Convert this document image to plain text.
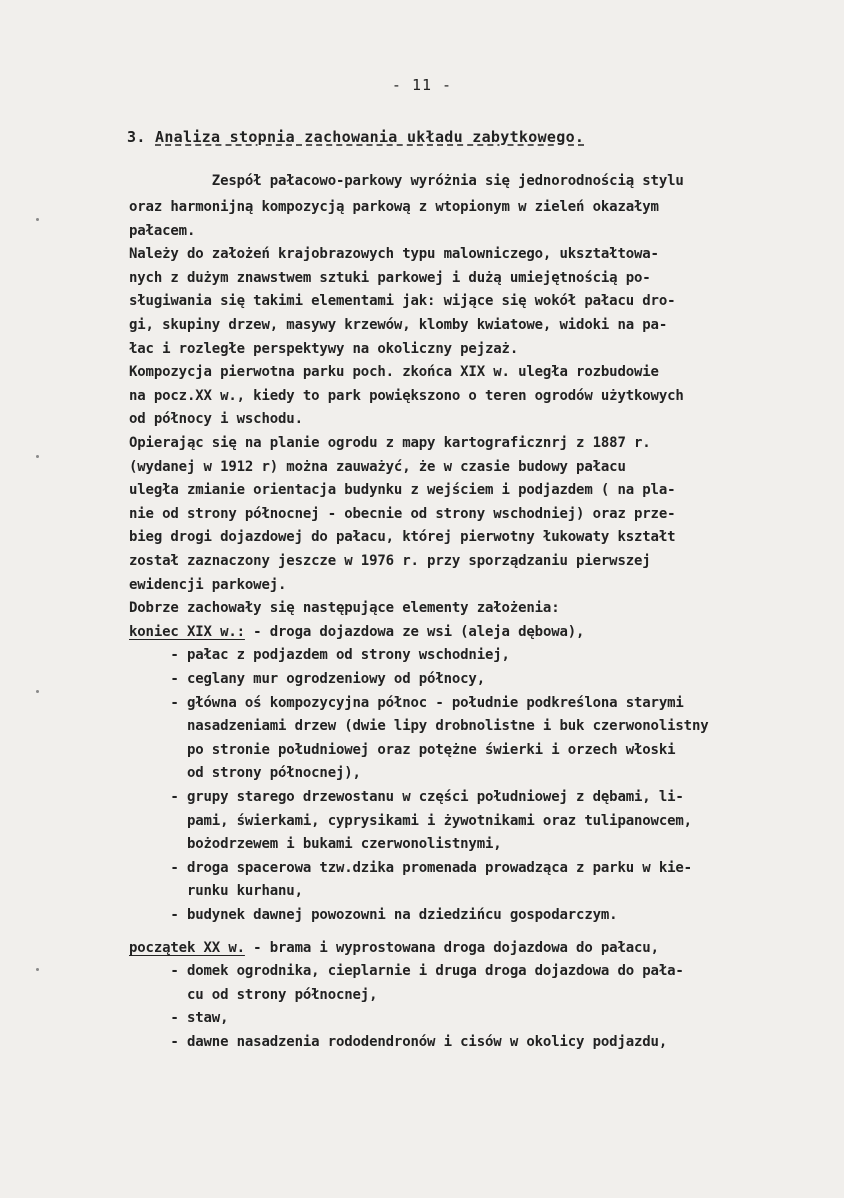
- 11 -
3. Analiza stopnia zachowania układu zabytkowego.
Zespół pałacowo-parkowy wyróżnia się jednorodnością stylu
oraz harmonijną kompozycją parkową z wtopionym w zieleń okazałym
pałacem.
Należy do założeń krajobrazowych typu malowniczego, ukształtowa-
nych z dużym znawstwem sztuki parkowej i dużą umiejętnością po-
sługiwania się takimi elementami jak: wijące się wokół pałacu dro-
gi, skupiny drzew, masywy krzewów, klomby kwiatowe, widoki na pa-
łac i rozległe perspektywy na okoliczny pejzaż.
Kompozycja pierwotna parku poch. zkońca XIX w. uległa rozbudowie
na pocz.XX w., kiedy to park powiększono o teren ogrodów użytkowych
od północy i wschodu.
Opierając się na planie ogrodu z mapy kartograficznrj z 1887 r.
(wydanej w 1912 r) można zauważyć, że w czasie budowy pałacu
uległa zmianie orientacja budynku z wejściem i podjazdem ( na pla-
nie od strony północnej - obecnie od strony wschodniej) oraz prze-
bieg drogi dojazdowej do pałacu, której pierwotny łukowaty kształt
został zaznaczony jeszcze w 1976 r. przy sporządzaniu pierwszej
ewidencji parkowej.
Dobrze zachowały się następujące elementy założenia:
koniec XIX w.: - droga dojazdowa ze wsi (aleja dębowa),
- pałac z podjazdem od strony wschodniej,
- ceglany mur ogrodzeniowy od północy,
- główna oś kompozycyjna północ - południe podkreślona starymi
nasadzeniami drzew (dwie lipy drobnolistne i buk czerwonolistny
po stronie południowej oraz potężne świerki i orzech włoski
od strony północnej),
- grupy starego drzewostanu w części południowej z dębami, li-
pami, świerkami, cyprysikami i żywotnikami oraz tulipanowcem,
bożodrzewem i bukami czerwonolistnymi,
- droga spacerowa tzw.dzika promenada prowadząca z parku w kie-
runku kurhanu,
- budynek dawnej powozowni na dziedzińcu gospodarczym.
początek XX w. - brama i wyprostowana droga dojazdowa do pałacu,
- domek ogrodnika, cieplarnie i druga droga dojazdowa do pała-
cu od strony północnej,
- staw,
- dawne nasadzenia rododendronów i cisów w okolicy podjazdu,
